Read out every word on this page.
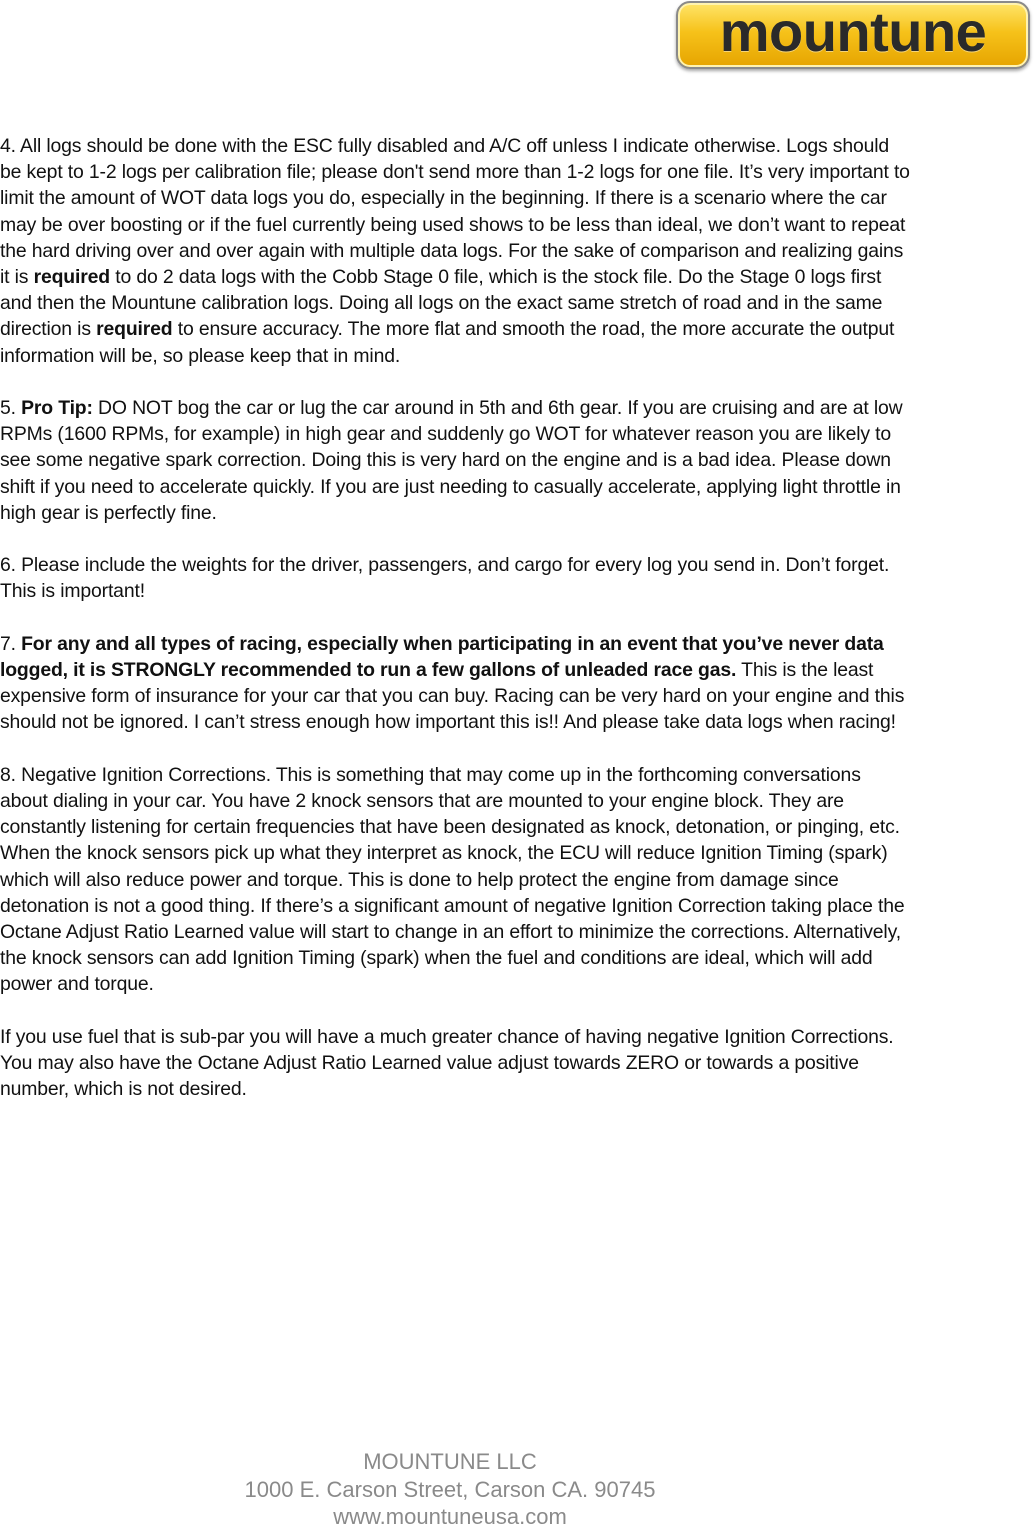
mountune

4. All logs should be done with the ESC fully disabled and A/C off unless I indicate otherwise. Logs should be kept to 1-2 logs per calibration file; please don't send more than 1-2 logs for one file. It’s very important to limit the amount of WOT data logs you do, especially in the beginning. If there is a scenario where the car may be over boosting or if the fuel currently being used shows to be less than ideal, we don’t want to repeat the hard driving over and over again with multiple data logs. For the sake of comparison and realizing gains it is required to do 2 data logs with the Cobb Stage 0 file, which is the stock file. Do the Stage 0 logs first and then the Mountune calibration logs. Doing all logs on the exact same stretch of road and in the same direction is required to ensure accuracy. The more flat and smooth the road, the more accurate the output information will be, so please keep that in mind.

5. Pro Tip: DO NOT bog the car or lug the car around in 5th and 6th gear. If you are cruising and are at low RPMs (1600 RPMs, for example) in high gear and suddenly go WOT for whatever reason you are likely to see some negative spark correction. Doing this is very hard on the engine and is a bad idea. Please down shift if you need to accelerate quickly. If you are just needing to casually accelerate, applying light throttle in high gear is perfectly fine.

6. Please include the weights for the driver, passengers, and cargo for every log you send in. Don’t forget. This is important!

7. For any and all types of racing, especially when participating in an event that you’ve never data logged, it is STRONGLY recommended to run a few gallons of unleaded race gas. This is the least expensive form of insurance for your car that you can buy. Racing can be very hard on your engine and this should not be ignored. I can’t stress enough how important this is!! And please take data logs when racing!

8. Negative Ignition Corrections. This is something that may come up in the forthcoming conversations about dialing in your car. You have 2 knock sensors that are mounted to your engine block. They are constantly listening for certain frequencies that have been designated as knock, detonation, or pinging, etc. When the knock sensors pick up what they interpret as knock, the ECU will reduce Ignition Timing (spark) which will also reduce power and torque. This is done to help protect the engine from damage since detonation is not a good thing. If there’s a significant amount of negative Ignition Correction taking place the Octane Adjust Ratio Learned value will start to change in an effort to minimize the corrections. Alternatively, the knock sensors can add Ignition Timing (spark) when the fuel and conditions are ideal, which will add power and torque.

If you use fuel that is sub-par you will have a much greater chance of having negative Ignition Corrections. You may also have the Octane Adjust Ratio Learned value adjust towards ZERO or towards a positive number, which is not desired.

MOUNTUNE LLC
1000 E. Carson Street, Carson CA. 90745
www.mountuneusa.com
